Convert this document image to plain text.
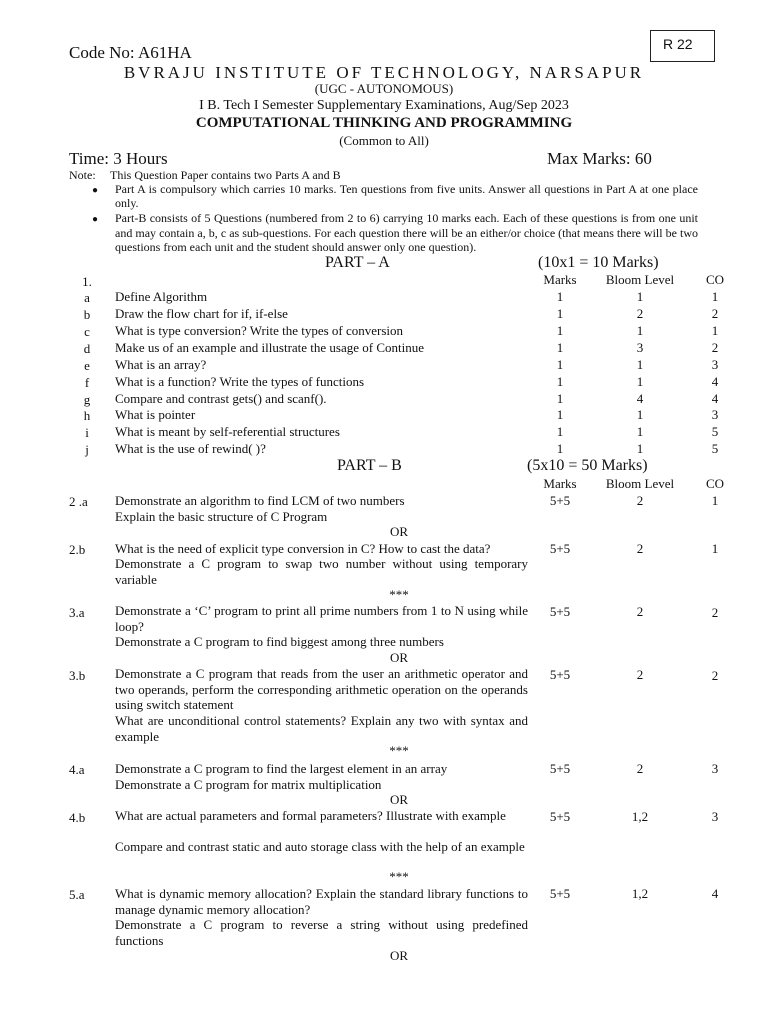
R 22
Code No: A61HA
BVRAJU INSTITUTE OF TECHNOLOGY, NARSAPUR
(UGC - AUTONOMOUS)
I B. Tech I Semester Supplementary Examinations, Aug/Sep 2023
COMPUTATIONAL THINKING AND PROGRAMMING
(Common to All)
Time: 3 Hours	Max Marks: 60
Note: This Question Paper contains two Parts A and B
● Part A is compulsory which carries 10 marks. Ten questions from five units. Answer all questions in Part A at one place only.
● Part-B consists of 5 Questions (numbered from 2 to 6) carrying 10 marks each. Each of these questions is from one unit and may contain a, b, c as sub-questions. For each question there will be an either/or choice (that means there will be two questions from each unit and the student should answer only one question).
PART – A	(10x1 = 10 Marks)
1.	Marks	Bloom Level	CO
a	Define Algorithm	1	1	1
b	Draw the flow chart for if, if-else	1	2	2
c	What is type conversion? Write the types of conversion	1	1	1
d	Make us of an example and illustrate the usage of Continue	1	3	2
e	What is an array?	1	1	3
f	What is a function? Write the types of functions	1	1	4
g	Compare and contrast gets() and scanf().	1	4	4
h	What is pointer	1	1	3
i	What is meant by self-referential structures	1	1	5
j	What is the use of rewind( )?	1	1	5
PART – B	(5x10 = 50 Marks)
Marks	Bloom Level	CO
2 .a Demonstrate an algorithm to find LCM of two numbers
Explain the basic structure of C Program
5+5	2	1
OR
2.b What is the need of explicit type conversion in C? How to cast the data?
Demonstrate a C program to swap two number without using temporary variable
5+5	2	1
***
3.a Demonstrate a ‘C’ program to print all prime numbers from 1 to N using while loop?
Demonstrate a C program to find biggest among three numbers
5+5	2	2
OR
3.b Demonstrate a C program that reads from the user an arithmetic operator and two operands, perform the corresponding arithmetic operation on the operands using switch statement
What are unconditional control statements? Explain any two with syntax and example
5+5	2	2
***
4.a Demonstrate a C program to find the largest element in an array
Demonstrate a C program for matrix multiplication
5+5	2	3
OR
4.b What are actual parameters and formal parameters? Illustrate with example
Compare and contrast static and auto storage class with the help of an example
5+5	1,2	3
***
5.a What is dynamic memory allocation? Explain the standard library functions to manage dynamic memory allocation?
Demonstrate a C program to reverse a string without using predefined functions
5+5	1,2	4
OR
